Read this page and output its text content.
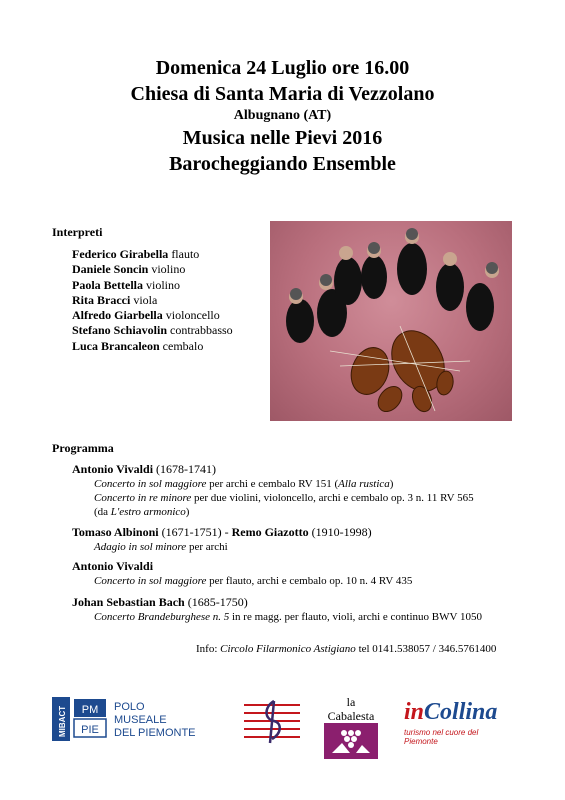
Domenica 24 Luglio ore 16.00
Chiesa di Santa Maria di Vezzolano
Albugnano (AT)
Musica nelle Pievi 2016
Barocheggiando Ensemble
Interpreti
Federico Girabella flauto
Daniele Soncin violino
Paola Bettella violino
Rita Bracci viola
Alfredo Giarbella violoncello
Stefano Schiavolin contrabbasso
Luca Brancaleon cembalo
Programma
Antonio Vivaldi (1678-1741)
Concerto in sol maggiore per archi e cembalo RV 151 (Alla rustica)
Concerto in re minore per due violini, violoncello, archi e cembalo op. 3 n. 11 RV 565
(da L'estro armonico)
Tomaso Albinoni (1671-1751) - Remo Giazotto (1910-1998)
Adagio in sol minore per archi
Antonio Vivaldi
Concerto in sol maggiore per flauto, archi e cembalo op. 10 n. 4 RV 435
Johan Sebastian Bach (1685-1750)
Concerto Brandeburghese n. 5 in re magg. per flauto, violi, archi e continuo BWV 1050
Info: Circolo Filarmonico Astigiano tel 0141.538057 / 346.5761400
MIBACT PM
PIE
POLO
MUSEALE
DEL PIEMONTE
la Cabalesta inCollina
turismo nel cuore del Piemonte
